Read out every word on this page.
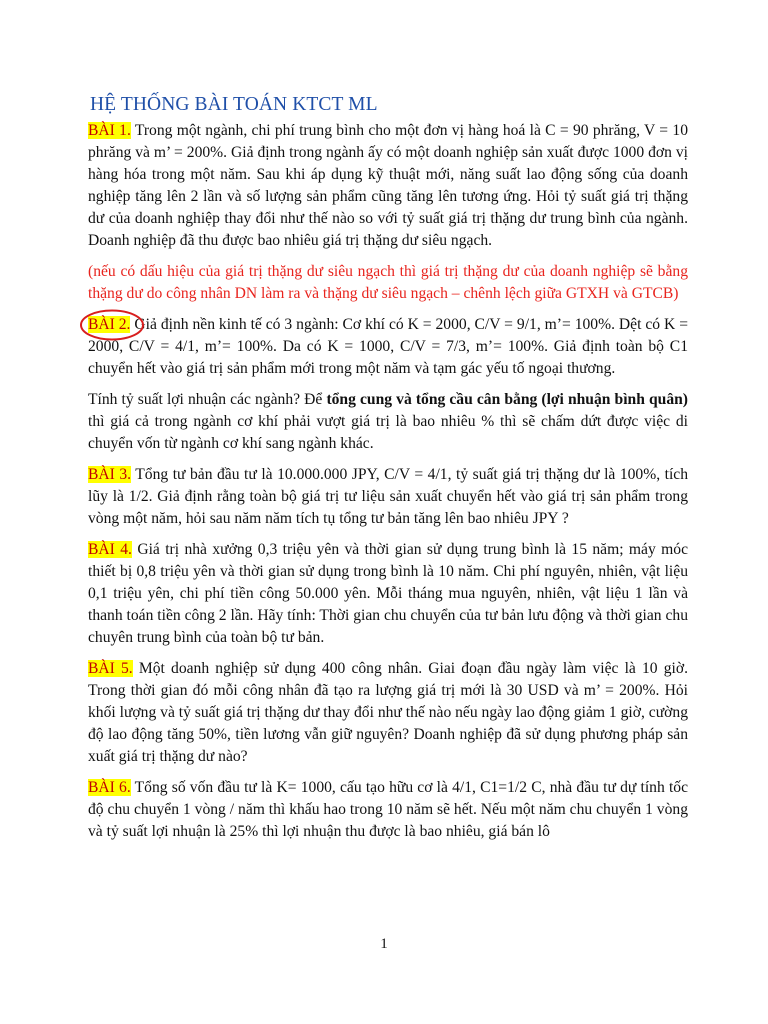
HỆ THỐNG BÀI TOÁN KTCT ML

BÀI 1. Trong một ngành, chi phí trung bình cho một đơn vị hàng hoá là C = 90 phrăng, V = 10 phrăng và m’ = 200%. Giả định trong ngành ấy có một doanh nghiệp sản xuất được 1000 đơn vị hàng hóa trong một năm. Sau khi áp dụng kỹ thuật mới, năng suất lao động sống của doanh nghiệp tăng lên 2 lần và số lượng sản phẩm cũng tăng lên tương ứng. Hỏi tỷ suất giá trị thặng dư của doanh nghiệp thay đổi như thế nào so với tỷ suất giá trị thặng dư trung bình của ngành. Doanh nghiệp đã thu được bao nhiêu giá trị thặng dư siêu ngạch.

(nếu có dấu hiệu của giá trị thặng dư siêu ngạch thì giá trị thặng dư của doanh nghiệp sẽ bằng thặng dư do công nhân DN làm ra và thặng dư siêu ngạch – chênh lệch giữa GTXH và GTCB)

BÀI 2.
Giả định nền kinh tế có 3 ngành: Cơ khí có K = 2000, C/V = 9/1, m’= 100%. Dệt có K = 2000, C/V = 4/1, m’= 100%. Da có K = 1000, C/V = 7/3, m’= 100%. Giả định toàn bộ C1 chuyển hết vào giá trị sản phẩm mới trong một năm và tạm gác yếu tố ngoại thương.

Tính tỷ suất lợi nhuận các ngành? Để tổng cung và tổng cầu cân bằng (lợi nhuận bình quân) thì giá cả trong ngành cơ khí phải vượt giá trị là bao nhiêu % thì sẽ chấm dứt được việc di chuyển vốn từ ngành cơ khí sang ngành khác.

BÀI 3. Tổng tư bản đầu tư là 10.000.000 JPY, C/V = 4/1, tỷ suất giá trị thặng dư là 100%, tích lũy là 1/2. Giả định rằng toàn bộ giá trị tư liệu sản xuất chuyển hết vào giá trị sản phẩm trong vòng một năm, hỏi sau năm năm tích tụ tổng tư bản tăng lên bao nhiêu JPY ?

BÀI 4. Giá trị nhà xưởng 0,3 triệu yên và thời gian sử dụng trung bình là 15 năm; máy móc thiết bị 0,8 triệu yên và thời gian sử dụng trong bình là 10 năm. Chi phí nguyên, nhiên, vật liệu 0,1 triệu yên, chi phí tiền công 50.000 yên. Mỗi tháng mua nguyên, nhiên, vật liệu 1 lần và thanh toán tiền công 2 lần. Hãy tính: Thời gian chu chuyển của tư bản lưu động và thời gian chu chuyên trung bình của toàn bộ tư bản.

BÀI 5. Một doanh nghiệp sử dụng 400 công nhân. Giai đoạn đầu ngày làm việc là 10 giờ. Trong thời gian đó mỗi công nhân đã tạo ra lượng giá trị mới là 30 USD và m’ = 200%. Hỏi khối lượng và tỷ suất giá trị thặng dư thay đổi như thế nào nếu ngày lao động giảm 1 giờ, cường độ lao động tăng 50%, tiền lương vẫn giữ nguyên? Doanh nghiệp đã sử dụng phương pháp sản xuất giá trị thặng dư nào?

BÀI 6. Tổng số vốn đầu tư là K= 1000, cấu tạo hữu cơ là 4/1, C1=1/2 C, nhà đầu tư dự tính tốc độ chu chuyển 1 vòng / năm thì khấu hao trong 10 năm sẽ hết. Nếu một năm chu chuyển 1 vòng và tỷ suất lợi nhuận là 25% thì lợi nhuận thu được là bao nhiêu, giá bán lô

1
